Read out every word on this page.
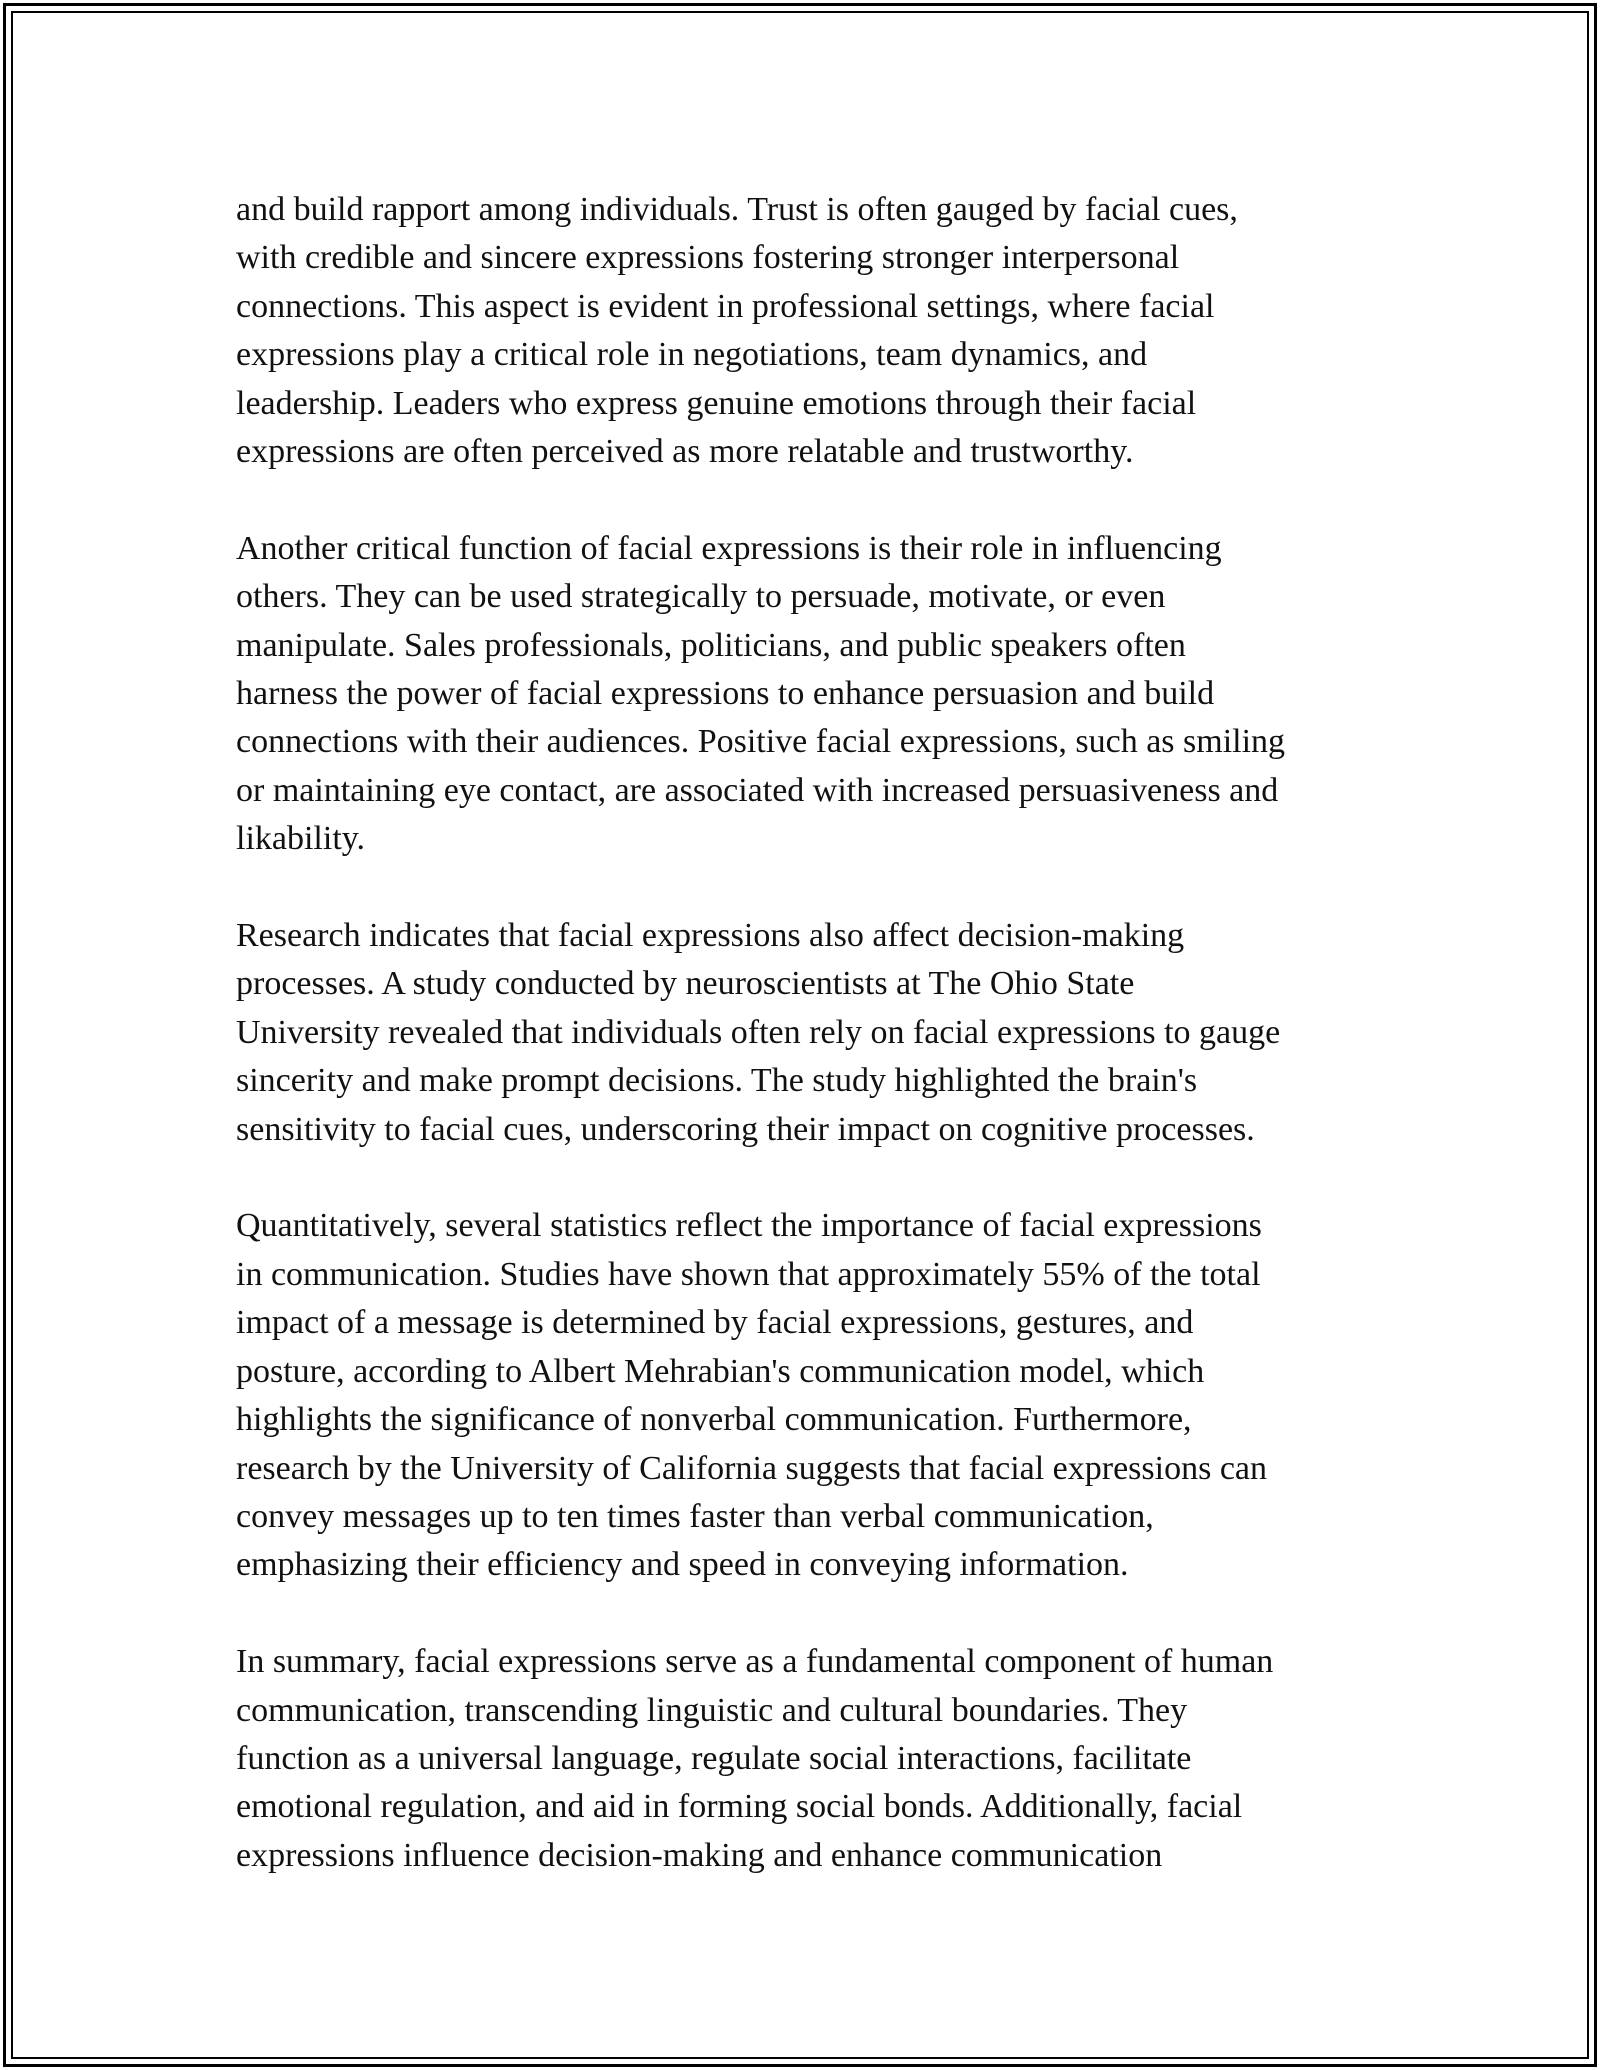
and build rapport among individuals. Trust is often gauged by facial cues,
with credible and sincere expressions fostering stronger interpersonal
connections. This aspect is evident in professional settings, where facial
expressions play a critical role in negotiations, team dynamics, and
leadership. Leaders who express genuine emotions through their facial
expressions are often perceived as more relatable and trustworthy.

Another critical function of facial expressions is their role in influencing
others. They can be used strategically to persuade, motivate, or even
manipulate. Sales professionals, politicians, and public speakers often
harness the power of facial expressions to enhance persuasion and build
connections with their audiences. Positive facial expressions, such as smiling
or maintaining eye contact, are associated with increased persuasiveness and
likability.

Research indicates that facial expressions also affect decision-making
processes. A study conducted by neuroscientists at The Ohio State
University revealed that individuals often rely on facial expressions to gauge
sincerity and make prompt decisions. The study highlighted the brain's
sensitivity to facial cues, underscoring their impact on cognitive processes.

Quantitatively, several statistics reflect the importance of facial expressions
in communication. Studies have shown that approximately 55% of the total
impact of a message is determined by facial expressions, gestures, and
posture, according to Albert Mehrabian's communication model, which
highlights the significance of nonverbal communication. Furthermore,
research by the University of California suggests that facial expressions can
convey messages up to ten times faster than verbal communication,
emphasizing their efficiency and speed in conveying information.

In summary, facial expressions serve as a fundamental component of human
communication, transcending linguistic and cultural boundaries. They
function as a universal language, regulate social interactions, facilitate
emotional regulation, and aid in forming social bonds. Additionally, facial
expressions influence decision-making and enhance communication
